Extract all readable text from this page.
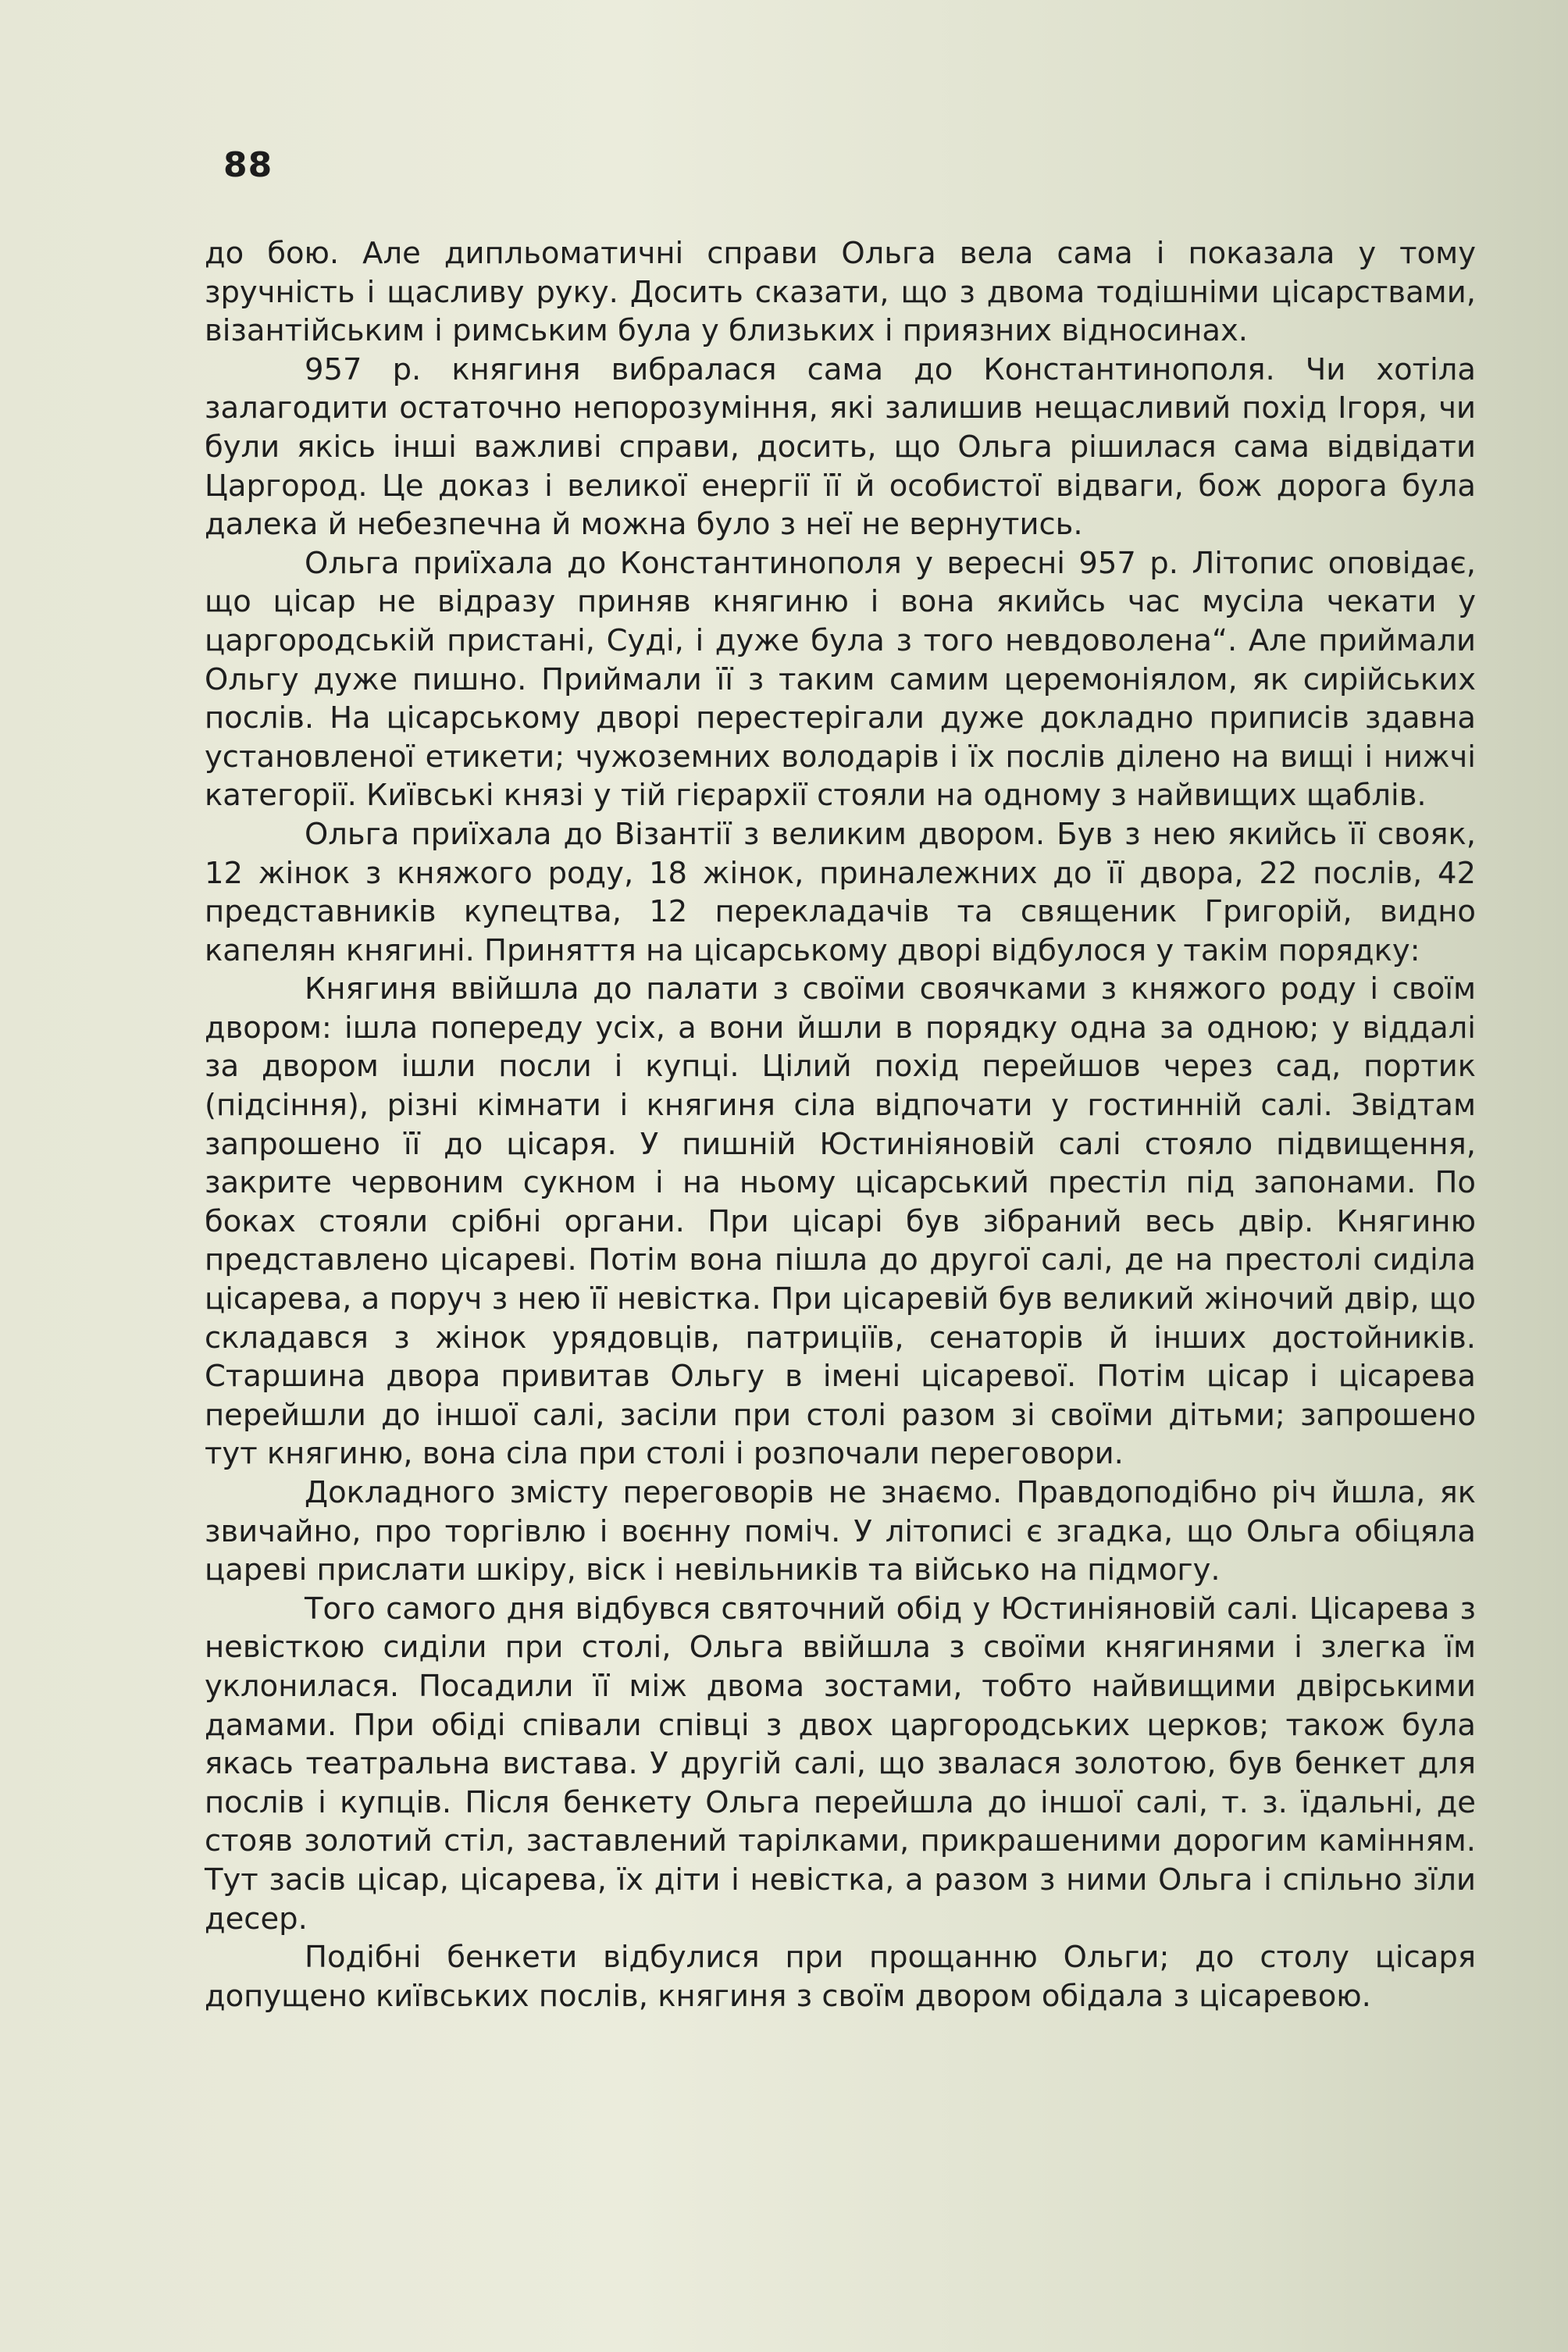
88

до бою. Але дипльоматичні справи Ольга вела сама і показала у тому зручність і щасливу руку. Досить сказати, що з двома тодішніми цісарствами, візантійським і римським була у близьких і приязних відносинах.

957 р. княгиня вибралася сама до Константинополя. Чи хотіла залагодити остаточно непорозуміння, які залишив нещасливий похід Ігоря, чи були якісь інші важливі справи, досить, що Ольга рішилася сама відвідати Царгород. Це доказ і великої енергії її й особистої відваги, бож дорога була далека й небезпечна й можна було з неї не вернутись.

Ольга приїхала до Константинополя у вересні 957 р. Літопис оповідає, що цісар не відразу приняв княгиню і вона якийсь час мусіла чекати у царгородській пристані, Суді, і дуже була з того невдоволена“. Але приймали Ольгу дуже пишно. Приймали її з таким самим церемоніялом, як сирійських послів. На цісарському дворі перестерігали дуже докладно приписів здавна установленої етикети; чужоземних володарів і їх послів ділено на вищі і нижчі категорії. Київські князі у тій гієрархії стояли на одному з найвищих щаблів.

Ольга приїхала до Візантії з великим двором. Був з нею якийсь її свояк, 12 жінок з княжого роду, 18 жінок, приналежних до її двора, 22 послів, 42 представників купецтва, 12 перекладачів та священик Григорій, видно капелян княгині. Приняття на цісарському дворі відбулося у такім порядку:

Княгиня ввійшла до палати з своїми своячками з княжого роду і своїм двором: ішла попереду усіх, а вони йшли в порядку одна за одною; у віддалі за двором ішли посли і купці. Цілий похід перейшов через сад, портик (підсіння), різні кімнати і княгиня сіла відпочати у гостинній салі. Звідтам запрошено її до цісаря. У пишній Юстиніяновій салі стояло підвищення, закрите червоним сукном і на ньому цісарський престіл під запонами. По боках стояли срібні органи. При цісарі був зібраний весь двір. Княгиню представлено цісареві. Потім вона пішла до другої салі, де на престолі сиділа цісарева, а поруч з нею її невістка. При цісаревій був великий жіночий двір, що складався з жінок урядовців, патриціїв, сенаторів й інших достойників. Старшина двора привитав Ольгу в імені цісаревої. Потім цісар і цісарева перейшли до іншої салі, засіли при столі разом зі своїми дітьми; запрошено тут княгиню, вона сіла при столі і розпочали переговори.

Докладного змісту переговорів не знаємо. Правдоподібно річ йшла, як звичайно, про торгівлю і воєнну поміч. У літописі є згадка, що Ольга обіцяла цареві прислати шкіру, віск і невільників та військо на підмогу.

Того самого дня відбувся святочний обід у Юстиніяновій салі. Цісарева з невісткою сиділи при столі, Ольга ввійшла з своїми княгинями і злегка їм уклонилася. Посадили її між двома зостами, тобто найвищими двірськими дамами. При обіді співали співці з двох царгородських церков; також була якась театральна вистава. У другій салі, що звалася золотою, був бенкет для послів і купців. Після бенкету Ольга перейшла до іншої салі, т. з. їдальні, де стояв золотий стіл, заставлений тарілками, прикрашеними дорогим камінням. Тут засів цісар, цісарева, їх діти і невістка, а разом з ними Ольга і спільно зїли десер.

Подібні бенкети відбулися при прощанню Ольги; до столу цісаря допущено київських послів, княгиня з своїм двором обідала з цісаревою.
